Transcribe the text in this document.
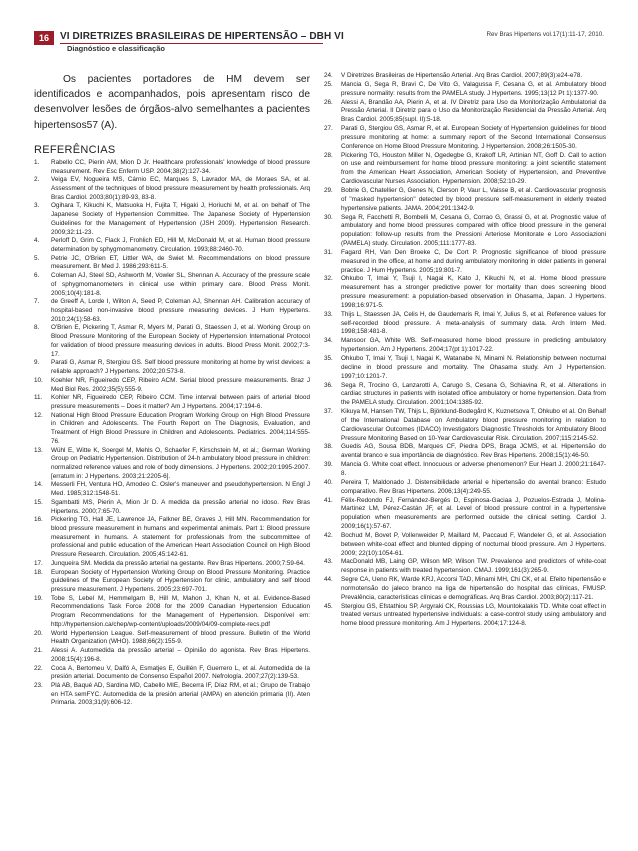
16	VI DIRETRIZES BRASILEIRAS DE HIPERTENSÃO – DBH VI
Diagnóstico e classificação
Rev Bras Hipertens vol.17(1):11-17, 2010.

Os pacientes portadores de HM devem ser identificados e acompanhados, pois apresentam risco de desenvolver lesões de órgãos-alvo semelhantes a pacientes hipertensos57 (A).

REFERÊNCIAS
1. Rabello CC, Pierin AM, Mion D Jr. Healthcare professionals' knowledge of blood pressure measurement. Rev Esc Enferm USP. 2004;38(2):127-34.
2. Veiga EV, Nogueira MS, Cárnio EC, Marques S, Lavrador MA, de Moraes SA, et al. Assessment of the techniques of blood pressure measurement by health professionals. Arq Bras Cardiol. 2003;80(1):89-93, 83-8.
3. Ogihara T, Kikuchi K, Matsuoka H, Fujita T, Higaki J, Horiuchi M, et al. on behalf of The Japanese Society of Hypertension Committee. The Japanese Society of Hypertension Guidelines for the Management of Hypertension (JSH 2009). Hypertension Research. 2009;32:11-23.
4. Perloff D, Grim C, Flack J, Frohlich ED, Hill M, McDonald M, et al. Human blood pressure determination by sphygmomanometry. Circulation. 1993;88:2460-70.
5. Petrie JC, O'Brien ET, Littler WA, de Swiet M. Recommendations on blood pressure measurement. Br Med J. 1986;293:611-5.
6. Coleman AJ, Steel SD, Ashworth M, Vowler SL, Shennan A. Accuracy of the pressure scale of sphygmomanometers in clinical use within primary care. Blood Press Monit. 2005;10(4):181-8.
7. de Greeff A, Lorde I, Wilton A, Seed P, Coleman AJ, Shennan AH. Calibration accuracy of hospital-based non-invasive blood pressure measuring devices. J Hum Hypertens. 2010;24(1):58-63.
8. O'Brien E, Pickering T, Asmar R, Myers M, Parati G, Staessen J, et al. Working Group on Blood Pressure Monitoring of the European Society of Hypertension International Protocol for validation of blood pressure measuring devices in adults. Blood Press Monit. 2002;7:3-17.
9. Parati G, Asmar R, Stergiou GS. Self blood pressure monitoring at home by wrist devices: a reliable approach? J Hypertens. 2002;20:573-8.
10. Koehler NR, Figueiredo CEP, Ribeiro ACM. Serial blood pressure measurements. Braz J Med Biol Res. 2002;35(5):555-9.
11. Kohler NR, Figueiredo CEP, Ribeiro CCM. Time interval between pairs of arterial blood pressure measurements – Does it matter? Am J Hypertens. 2004;17:194-6.
12. National High Blood Pressure Education Program Working Group on High Blood Pressure in Children and Adolescents. The Fourth Report on The Diagnosis, Evaluation, and Treatment of High Blood Pressure in Children and Adolescents. Pediatrics. 2004;114:555-76.
13. Wühl E, Witte K, Soergel M, Mehls O, Schaefer F, Kirschstein M, et al.; German Working Group on Pediatric Hypertension. Distribution of 24-h ambulatory blood pressure in children: normalized reference values and role of body dimensions. J Hypertens. 2002;20:1995-2007. [erratum in: J Hypertens. 2003;21:2205-6].
14. Messerli FH, Ventura HO, Amodeo C. Osler's maneuver and pseudohypertension. N Engl J Med. 1985;312:1548-51.
15. Sgambatti MS, Pierin A, Mion Jr D. A medida da pressão arterial no idoso. Rev Bras Hipertens. 2000;7:65-70.
16. Pickering TG, Hall JE, Lawrence JA, Falkner BE, Graves J, Hill MN. Recommendation for blood pressure measurement in humans and experimental animals. Part 1: Blood pressure measurement in humans. A statement for professionals from the subcommittee of professional and public education of the American Heart Association Council on High Blood Pressure Research. Circulation. 2005;45:142-61.
17. Junqueira SM. Medida da pressão arterial na gestante. Rev Bras Hipertens. 2000;7:59-64.
18. European Society of Hypertension Working Group on Blood Pressure Monitoring. Practice guidelines of the European Society of Hypertension for clinic, ambulatory and self blood pressure measurement. J Hypertens. 2005;23:697-701.
19. Tobe S, Lebel M, Hemmelgarn B, Hill M, Mahon J, Khan N, et al. Evidence-Based Recommendations Task Force 2008 for the 2009 Canadian Hypertension Education Program Recommendations for the Management of Hypertension. Disponível em: http://hypertension.ca/chep/wp-content/uploads/2009/04/09-complete-recs.pdf
20. World Hypertension League. Self-measurement of blood pressure. Bulletin of the World Health Organization (WHO). 1988;66(2):155-9.
21. Alessi A. Automedida da pressão arterial – Opinião do agonista. Rev Bras Hipertens. 2008;15(4):196-8.
22. Coca A, Bertomeu V, Dalfó A, Esmatjes E, Guillén F, Guerrero L, et al. Automedida de la presión arterial. Documento de Consenso Español 2007. Nefrología. 2007;27(2):139-53.
23. Plá AB, Baqué AD, Sardina MD, Cabello MIE, Becerra IF, Díaz RM, et al.; Grupo de Trabajo en HTA semFYC. Automedida de la presión arterial (AMPA) en atención primaria (II). Aten Primaria. 2003;31(9):606-12.
24. V Diretrizes Brasileiras de Hipertensão Arterial. Arq Bras Cardiol. 2007;89(3):e24-e78.
25. Mancia G, Sega R, Bravi C, De Vito G, Valagussa F, Cesana G, et al. Ambulatory blood pressure normality: results from the PAMELA study. J Hypertens. 1995;13(12 Pt 1):1377-90.
26. Alessi A, Brandão AA, Pierin A, et al. IV Diretriz para Uso da Monitorização Ambulatorial da Pressão Arterial. II Diretriz para o Uso da Monitorização Residencial da Pressão Arterial. Arq Bras Cardiol. 2005;85(supl. II):5-18.
27. Parati G, Stergiou GS, Asmar R, et al. European Society of Hypertension guidelines for blood pressure monitoring at home: a summary report of the Second International Consensus Conference on Home Blood Pressure Monitoring. J Hypertension. 2008;26:1505-30.
28. Pickering TG, Houston Miller N, Ogedegbe G, Krakoff LR, Artinian NT, Goff D. Call to action on use and reimbursement for home blood pressure monitoring: a joint scientific statement from the American Heart Association, American Society of Hypertension, and Preventive Cardiovascular Nurses Association. Hypertension. 2008;52:10-29.
29. Bobrie G, Chatellier G, Genes N, Clerson P, Vaur L, Vaisse B, et al. Cardiovascular prognosis of "masked hypertension" detected by blood pressure self-measurement in elderly treated hypertensive patients. JAMA. 2004;291:1342-9.
30. Sega R, Facchetti R, Bombelli M, Cesana G, Corrao G, Grassi G, et al. Prognostic value of ambulatory and home blood pressures compared with office blood pressure in the general population: follow-up results from the Pressioni Arteriose Monitorate e Loro Associazioni (PAMELA) study. Circulation. 2005;111:1777-83.
31. Fagard RH, Van Den Broeke C, De Cort P. Prognostic significance of blood pressure measured in the office, at home and during ambulatory monitoring in older patients in general practice. J Hum Hypertens. 2005;19:801-7.
32. Ohkubo T, Imai Y, Tsuji I, Nagai K, Kato J, Kikuchi N, et al. Home blood pressure measurement has a stronger predictive power for mortality than does screening blood pressure measurement: a population-based observation in Ohasama, Japan. J Hypertens. 1998;16:971-5.
33. Thijs L, Staessen JA, Celis H, de Gaudemaris R, Imai Y, Julius S, et al. Reference values for self-recorded blood pressure. A meta-analysis of summary data. Arch Intern Med. 1998;158:481-8.
34. Mansoor GA, White WB. Self-measured home blood pressure in predicting ambulatory hypertension. Am J Hypertens. 2004;17(pt 1):1017-22.
35. Ohkubo T, Imai Y, Tsuji I, Nagai K, Watanabe N, Minami N. Relationship between nocturnal decline in blood pressure and mortality. The Ohasama study. Am J Hypertension. 1997;10:1201-7.
36. Sega R, Trocino G, Lanzarotti A, Carugo S, Cesana G, Schiavina R, et al. Alterations in cardiac structures in patients with isolated office ambulatory or home hypertension. Data from the PAMELA study. Circulation. 2001;104:1385-92.
37. Kikuya M, Hansen TW, Thijs L, Björklund-Bodegård K, Kuznetsova T, Ohkubo et al. On Behalf of the International Database on Ambulatory blood pressure monitoring in relation to Cardiovascular Outcomes (IDACO) Investigators Diagnostic Thresholds for Ambulatory Blood Pressure Monitoring Based on 10-Year Cardiovascular Risk. Circulation. 2007;115:2145-52.
38. Guedis AG, Sousa BDB, Marques CF, Piedra DPS, Braga JCMS, et al. Hipertensão do avental branco e sua importância de diagnóstico. Rev Bras Hipertens. 2008;15(1):46-50.
39. Mancia G. White coat effect. Innocuous or adverse phenomenon? Eur Heart J. 2000;21:1647-8.
40. Pereira T, Maldonado J. Distensibilidade arterial e hipertensão do avental branco: Estudo comparativo. Rev Bras Hipertens. 2006;13(4):249-55.
41. Félix-Redondo FJ, Fernández-Bergés D, Espinosa-Gaciaa J, Pozuelos-Estrada J, Molina-Martinez LM, Pérez-Castán JF, et al. Level of blood pressure control in a hypertensive population when measurements are performed outside the clinical setting. Cardiol J. 2009;16(1):57-67.
42. Bochud M, Bovet P, Vollenweider P, Maillard M, Paccaud F, Wandeler G, et al. Association between white-coat effect and blunted dipping of nocturnal blood pressure. Am J Hypertens. 2009; 22(10):1054-61.
43. MacDonald MB, Laing GP, Wilson MP, Wilson TW. Prevalence and predictors of white-coat response in patients with treated hypertension. CMAJ. 1999;161(3):265-9.
44. Segre CA, Ueno RK, Warde KRJ, Accorsi TAD, Minami MH, Chi CK, et al. Efeito hipertensão e normotensão do jaleco branco na liga de hipertensão do hospital das clínicas, FMUSP. Prevalência, características clínicas e demográficas. Arq Bras Cardiol. 2003;80(2):117-21.
45. Stergiou GS, Efstathiou SP, Argyraki CK, Roussias LG, Mountokalakis TD. White coat effect in treated versus untreated hypertensive individuals: a case-control study using ambulatory and home blood pressure monitoring. Am J Hypertens. 2004;17:124-8.
